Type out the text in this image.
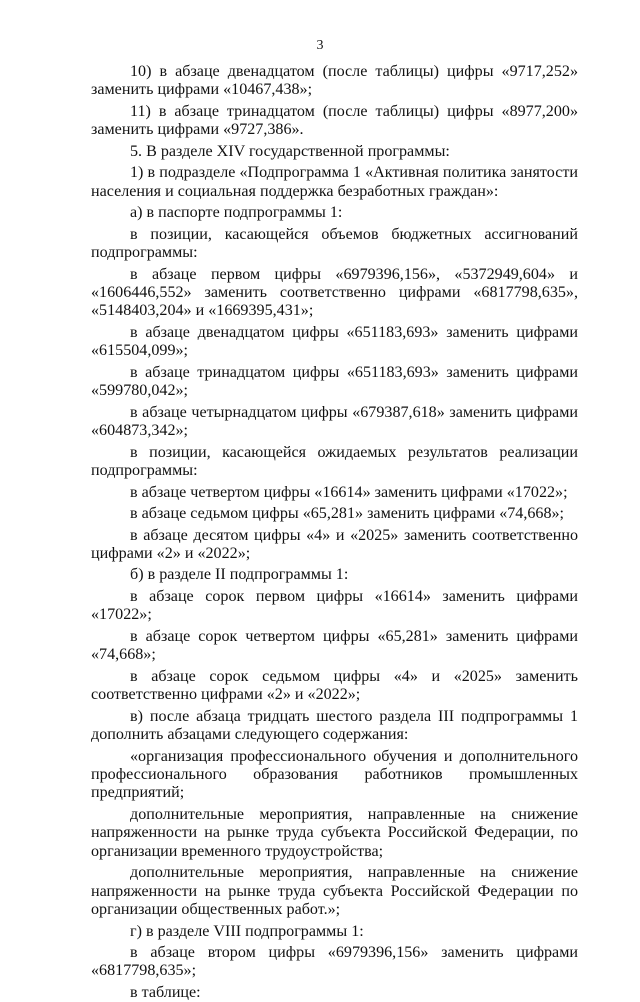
3

10) в абзаце двенадцатом (после таблицы) цифры «9717,252» заменить цифрами «10467,438»;

11) в абзаце тринадцатом (после таблицы) цифры «8977,200» заменить цифрами «9727,386».

5. В разделе XIV государственной программы:

1) в подразделе «Подпрограмма 1 «Активная политика занятости населения и социальная поддержка безработных граждан»:

а) в паспорте подпрограммы 1:

в позиции, касающейся объемов бюджетных ассигнований подпрограммы:

в абзаце первом цифры «6979396,156», «5372949,604» и «1606446,552» заменить соответственно цифрами «6817798,635», «5148403,204» и «1669395,431»;

в абзаце двенадцатом цифры «651183,693» заменить цифрами «615504,099»;

в абзаце тринадцатом цифры «651183,693» заменить цифрами «599780,042»;

в абзаце четырнадцатом цифры «679387,618» заменить цифрами «604873,342»;

в позиции, касающейся ожидаемых результатов реализации подпрограммы:

в абзаце четвертом цифры «16614» заменить цифрами «17022»;

в абзаце седьмом цифры «65,281» заменить цифрами «74,668»;

в абзаце десятом цифры «4» и «2025» заменить соответственно цифрами «2» и «2022»;

б) в разделе II подпрограммы 1:

в абзаце сорок первом цифры «16614» заменить цифрами «17022»;

в абзаце сорок четвертом цифры «65,281» заменить цифрами «74,668»;

в абзаце сорок седьмом цифры «4» и «2025» заменить соответственно цифрами «2» и «2022»;

в) после абзаца тридцать шестого раздела III подпрограммы 1 дополнить абзацами следующего содержания:

«организация профессионального обучения и дополнительного профессионального образования работников промышленных предприятий;

дополнительные мероприятия, направленные на снижение напряженности на рынке труда субъекта Российской Федерации, по организации временного трудоустройства;

дополнительные мероприятия, направленные на снижение напряженности на рынке труда субъекта Российской Федерации по организации общественных работ.»;

г) в разделе VIII подпрограммы 1:

в абзаце втором цифры «6979396,156» заменить цифрами «6817798,635»;

в таблице:
